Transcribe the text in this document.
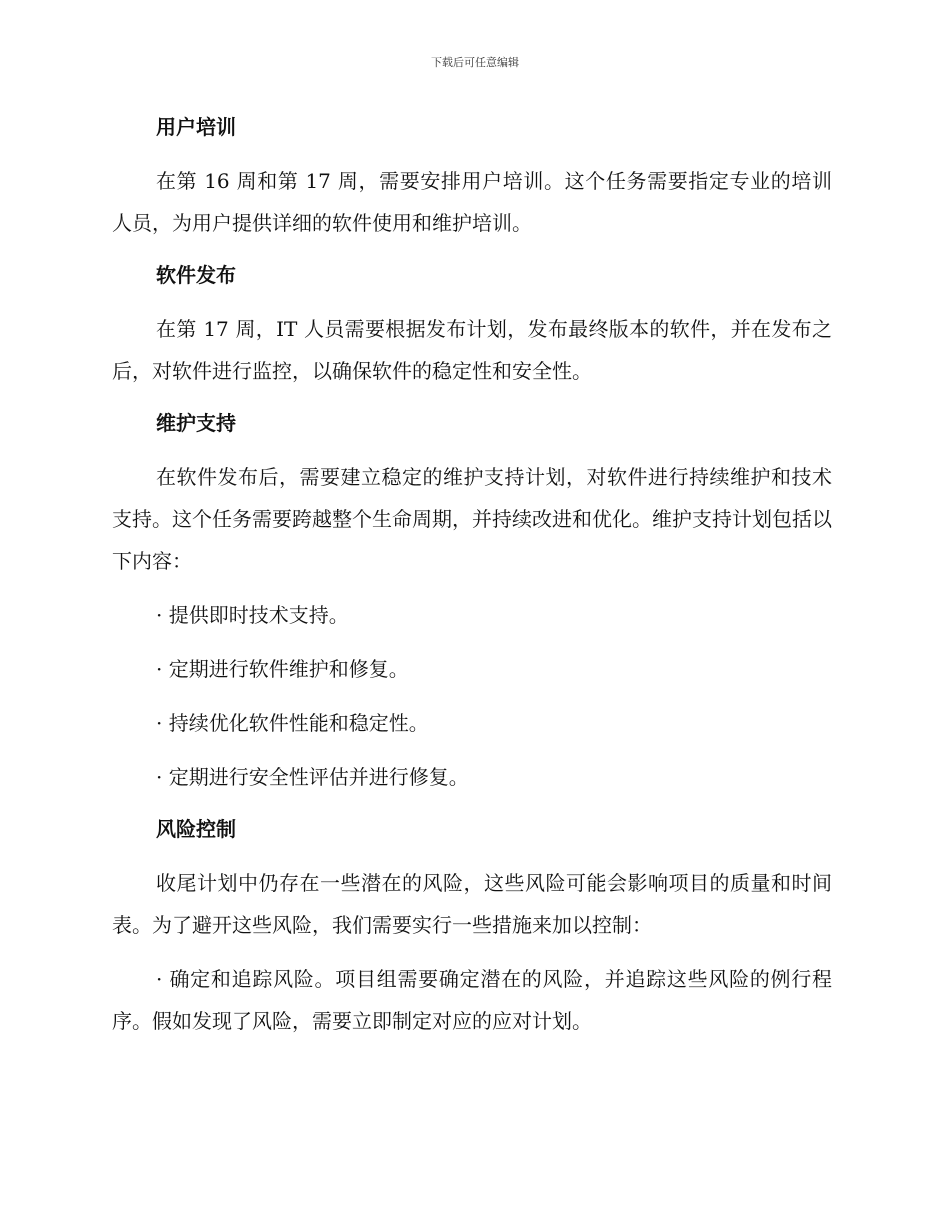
下载后可任意编辑
用户培训

在第 16 周和第 17 周，需要安排用户培训。这个任务需要指定专业的培训人员，为用户提供详细的软件使用和维护培训。

软件发布

在第 17 周，IT 人员需要根据发布计划，发布最终版本的软件，并在发布之后，对软件进行监控，以确保软件的稳定性和安全性。

维护支持

在软件发布后，需要建立稳定的维护支持计划，对软件进行持续维护和技术支持。这个任务需要跨越整个生命周期，并持续改进和优化。维护支持计划包括以下内容：

· 提供即时技术支持。

· 定期进行软件维护和修复。

· 持续优化软件性能和稳定性。

· 定期进行安全性评估并进行修复。

风险控制

收尾计划中仍存在一些潜在的风险，这些风险可能会影响项目的质量和时间表。为了避开这些风险，我们需要实行一些措施来加以控制：

· 确定和追踪风险。项目组需要确定潜在的风险，并追踪这些风险的例行程序。假如发现了风险，需要立即制定对应的应对计划。
